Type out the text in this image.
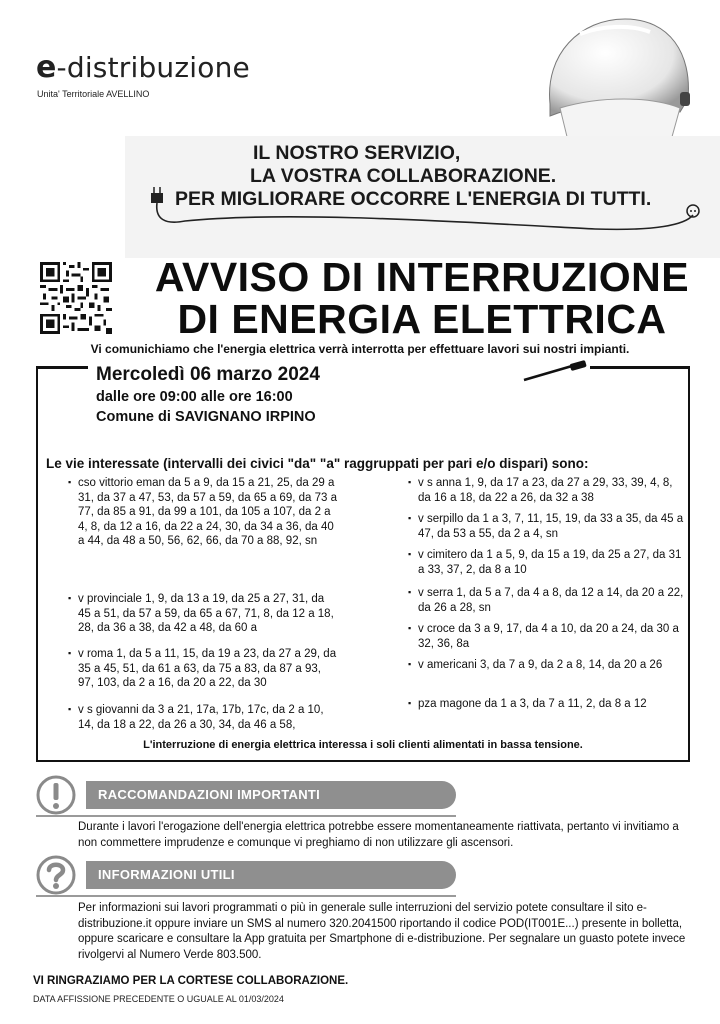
e-distribuzione
Unita' Territoriale AVELLINO
IL NOSTRO SERVIZIO,
LA VOSTRA COLLABORAZIONE.
PER MIGLIORARE OCCORRE L'ENERGIA DI TUTTI.
AVVISO DI INTERRUZIONE
DI ENERGIA ELETTRICA
Vi comunichiamo che l'energia elettrica verrà interrotta per effettuare lavori sui nostri impianti.
Mercoledì 06 marzo 2024
dalle ore 09:00 alle ore 16:00
Comune di SAVIGNANO IRPINO
Le vie interessate (intervalli dei civici "da" "a" raggruppati per pari e/o dispari) sono:
▪ cso vittorio eman da 5 a 9, da 15 a 21, 25, da 29 a 31, da 37 a 47, 53, da 57 a 59, da 65 a 69, da 73 a 77, da 85 a 91, da 99 a 101, da 105 a 107, da 2 a 4, 8, da 12 a 16, da 22 a 24, 30, da 34 a 36, da 40 a 44, da 48 a 50, 56, 62, 66, da 70 a 88, 92, sn
▪ v provinciale 1, 9, da 13 a 19, da 25 a 27, 31, da 45 a 51, da 57 a 59, da 65 a 67, 71, 8, da 12 a 18, 28, da 36 a 38, da 42 a 48, da 60 a
▪ v roma 1, da 5 a 11, 15, da 19 a 23, da 27 a 29, da 35 a 45, 51, da 61 a 63, da 75 a 83, da 87 a 93, 97, 103, da 2 a 16, da 20 a 22, da 30
▪ v s giovanni da 3 a 21, 17a, 17b, 17c, da 2 a 10, 14, da 18 a 22, da 26 a 30, 34, da 46 a 58,
▪ v s anna 1, 9, da 17 a 23, da 27 a 29, 33, 39, 4, 8, da 16 a 18, da 22 a 26, da 32 a 38
▪ v serpillo da 1 a 3, 7, 11, 15, 19, da 33 a 35, da 45 a 47, da 53 a 55, da 2 a 4, sn
▪ v cimitero da 1 a 5, 9, da 15 a 19, da 25 a 27, da 31 a 33, 37, 2, da 8 a 10
▪ v serra 1, da 5 a 7, da 4 a 8, da 12 a 14, da 20 a 22, da 26 a 28, sn
▪ v croce da 3 a 9, 17, da 4 a 10, da 20 a 24, da 30 a 32, 36, 8a
▪ v americani 3, da 7 a 9, da 2 a 8, 14, da 20 a 26
▪ pza magone da 1 a 3, da 7 a 11, 2, da 8 a 12
L'interruzione di energia elettrica interessa i soli clienti alimentati in bassa tensione.
RACCOMANDAZIONI IMPORTANTI
Durante i lavori l'erogazione dell'energia elettrica potrebbe essere momentaneamente riattivata, pertanto vi invitiamo a non commettere imprudenze e comunque vi preghiamo di non utilizzare gli ascensori.
INFORMAZIONI UTILI
Per informazioni sui lavori programmati o più in generale sulle interruzioni del servizio potete consultare il sito e-distribuzione.it oppure inviare un SMS al numero 320.2041500 riportando il codice POD(IT001E...) presente in bolletta, oppure scaricare e consultare la App gratuita per Smartphone di e-distribuzione. Per segnalare un guasto potete invece rivolgervi al Numero Verde 803.500.
VI RINGRAZIAMO PER LA CORTESE COLLABORAZIONE.
DATA AFFISSIONE PRECEDENTE O UGUALE AL 01/03/2024
